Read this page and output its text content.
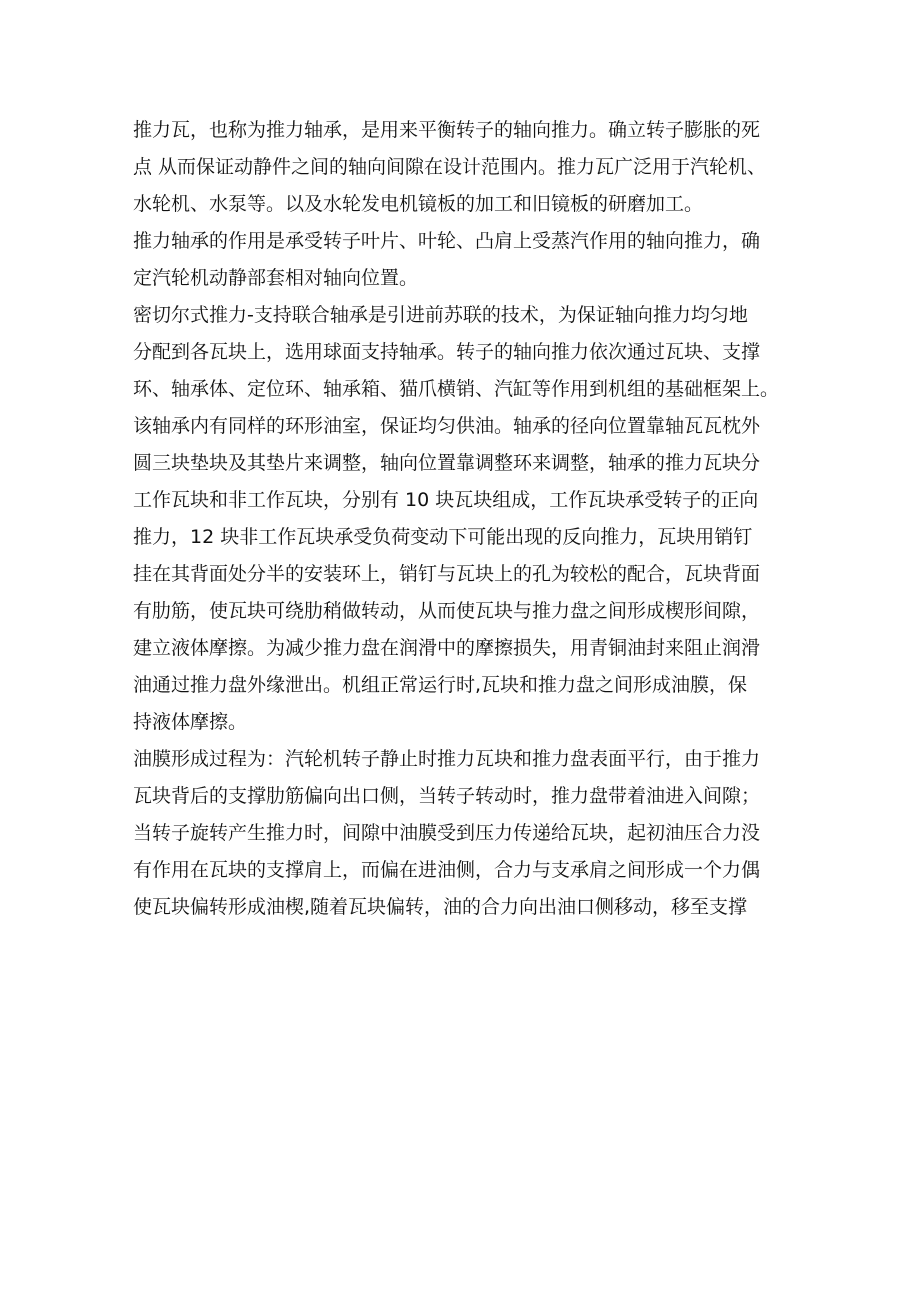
推力瓦，也称为推力轴承，是用来平衡转子的轴向推力。确立转子膨胀的死
点 从而保证动静件之间的轴向间隙在设计范围内。推力瓦广泛用于汽轮机、
水轮机、水泵等。以及水轮发电机镜板的加工和旧镜板的研磨加工。
推力轴承的作用是承受转子叶片、叶轮、凸肩上受蒸汽作用的轴向推力，确
定汽轮机动静部套相对轴向位置。
密切尔式推力-支持联合轴承是引进前苏联的技术，为保证轴向推力均匀地
分配到各瓦块上，选用球面支持轴承。转子的轴向推力依次通过瓦块、支撑
环、轴承体、定位环、轴承箱、猫爪横销、汽缸等作用到机组的基础框架上。
该轴承内有同样的环形油室，保证均匀供油。轴承的径向位置靠轴瓦瓦枕外
圆三块垫块及其垫片来调整，轴向位置靠调整环来调整，轴承的推力瓦块分
工作瓦块和非工作瓦块，分别有 10 块瓦块组成，工作瓦块承受转子的正向
推力，12 块非工作瓦块承受负荷变动下可能出现的反向推力，瓦块用销钉
挂在其背面处分半的安装环上，销钉与瓦块上的孔为较松的配合，瓦块背面
有肋筋，使瓦块可绕肋稍做转动，从而使瓦块与推力盘之间形成楔形间隙，
建立液体摩擦。为减少推力盘在润滑中的摩擦损失，用青铜油封来阻止润滑
油通过推力盘外缘泄出。机组正常运行时,瓦块和推力盘之间形成油膜，保
持液体摩擦。
油膜形成过程为：汽轮机转子静止时推力瓦块和推力盘表面平行，由于推力
瓦块背后的支撑肋筋偏向出口侧，当转子转动时，推力盘带着油进入间隙；
当转子旋转产生推力时，间隙中油膜受到压力传递给瓦块，起初油压合力没
有作用在瓦块的支撑肩上，而偏在进油侧，合力与支承肩之间形成一个力偶
使瓦块偏转形成油楔,随着瓦块偏转，油的合力向出油口侧移动，移至支撑
